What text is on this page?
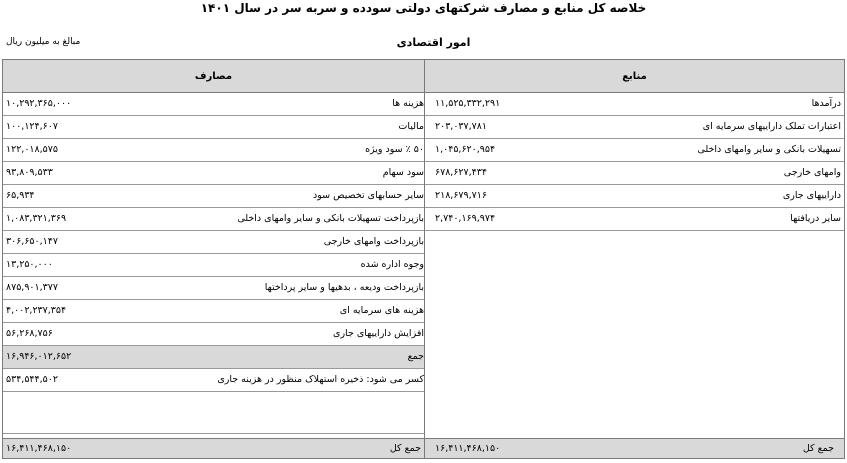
خلاصه کل منابع و مصارف شرکتهای دولتی سودده و سربه سر در سال ۱۴۰۱
مبالغ به میلیون ریال	امور اقتصادی
مصارف
هزینه ها
۱۰,۲۹۲,۳۶۵,۰۰۰
مالیات
۱۰۰,۱۲۴,۶۰۷
۵۰ ٪ سود ویژه
۱۲۲,۰۱۸,۵۷۵
سود سهام
۹۳,۸۰۹,۵۳۳
سایر حسابهای تخصیص سود
۶۵,۹۳۴
بازپرداخت تسهیلات بانکی و سایر وامهای داخلی
۱,۰۸۳,۳۲۱,۳۶۹
بازپرداخت وامهای خارجی
۳۰۶,۶۵۰,۱۴۷
وجوه اداره شده
۱۳,۲۵۰,۰۰۰
بازپرداخت ودیعه ، بدهیها و سایر پرداختها
۸۷۵,۹۰۱,۳۷۷
هزینه های سرمایه ای
۴,۰۰۲,۲۳۷,۳۵۴
افزایش داراییهای جاری
۵۶,۲۶۸,۷۵۶
جمع
۱۶,۹۴۶,۰۱۲,۶۵۲
کسر می شود: ذخیره استهلاک منظور در هزینه جاری
۵۳۴,۵۴۴,۵۰۲
جمع کل
۱۶,۴۱۱,۴۶۸,۱۵۰
منابع
درآمدها
۱۱,۵۲۵,۳۳۲,۲۹۱
اعتبارات تملک داراییهای سرمایه ای
۲۰۳,۰۳۷,۷۸۱
تسهیلات بانکی و سایر وامهای داخلی
۱,۰۴۵,۶۲۰,۹۵۴
وامهای خارجی
۶۷۸,۶۲۷,۴۳۴
داراییهای جاری
۲۱۸,۶۷۹,۷۱۶
سایر دریافتها
۲,۷۴۰,۱۶۹,۹۷۴
جمع کل
۱۶,۴۱۱,۴۶۸,۱۵۰
